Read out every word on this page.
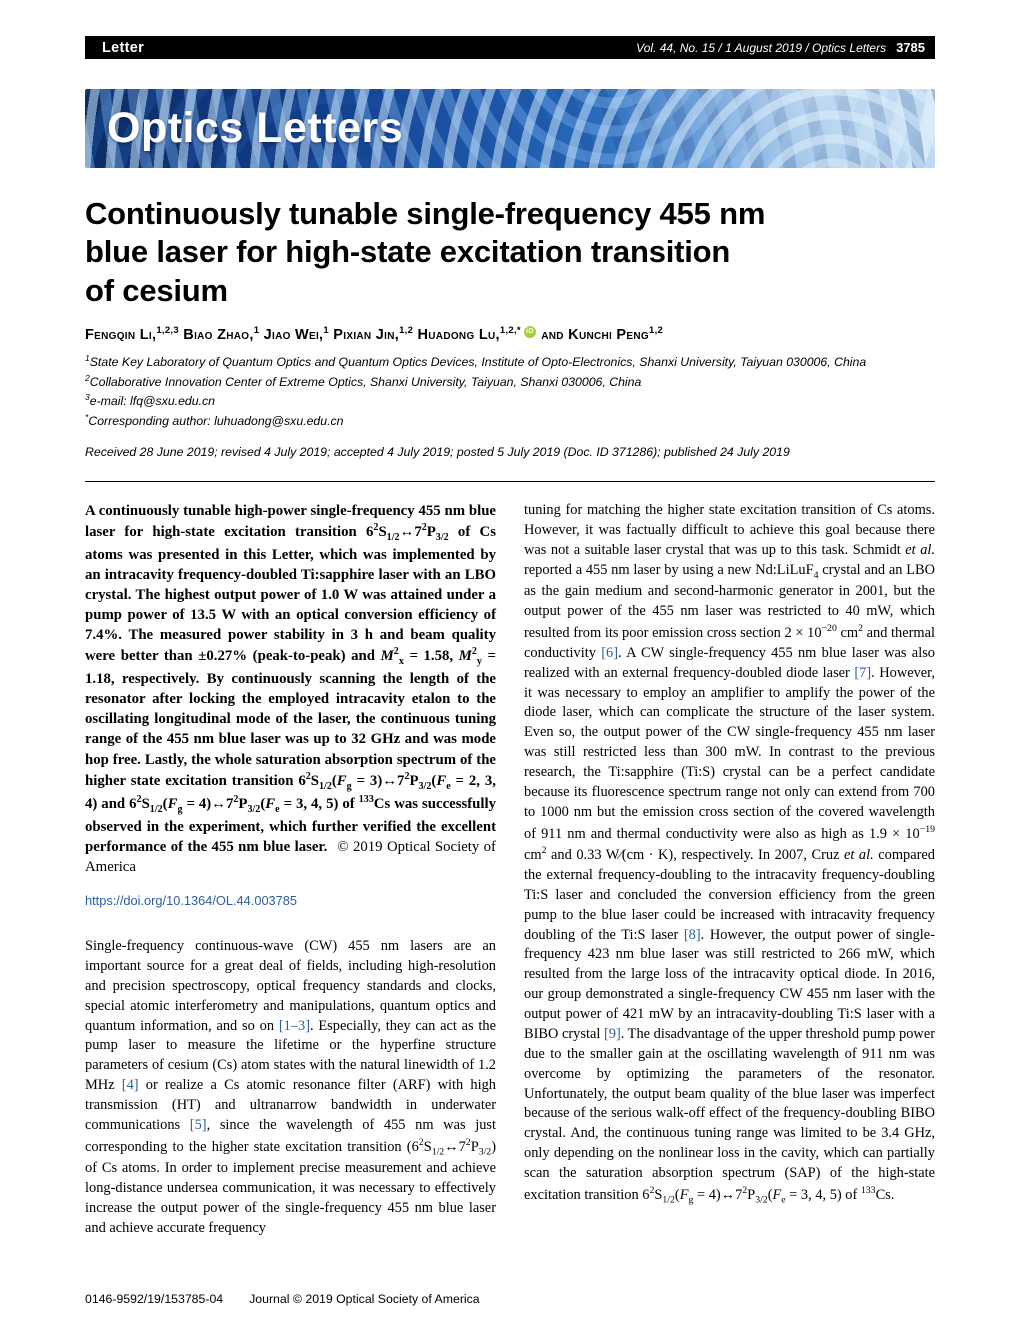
Letter	Vol. 44, No. 15 / 1 August 2019 / Optics Letters 3785
Optics Letters
Continuously tunable single-frequency 455 nm
blue laser for high-state excitation transition
of cesium
Fengqin Li,$^{1,2,3}$ Biao Zhao,$^1$ Jiao Wei,$^1$ Pixian Jin,$^{1,2}$ Huadong Lu,$^{1,2,*}$ iD and Kunchi Peng$^{1,2}$

$^1$State Key Laboratory of Quantum Optics and Quantum Optics Devices, Institute of Opto-Electronics, Shanxi University, Taiyuan 030006, China

$^2$Collaborative Innovation Center of Extreme Optics, Shanxi University, Taiyuan, Shanxi 030006, China

$^3$e-mail: lfq@sxu.edu.cn

*Corresponding author: luhuadong@sxu.edu.cn

Received 28 June 2019; revised 4 July 2019; accepted 4 July 2019; posted 5 July 2019 (Doc. ID 371286); published 24 July 2019

A continuously tunable high-power single-frequency 455 nm blue laser for high-state excitation transition $6^2S_{1/2}\leftrightarrow 7^2P_{3/2}$ of Cs atoms was presented in this Letter, which was implemented by an intracavity frequency-doubled Ti:sapphire laser with an LBO crystal. The highest output power of 1.0 W was attained under a pump power of 13.5 W with an optical conversion efficiency of 7.4%. The measured power stability in 3 h and beam quality were better than ±0.27% (peak-to-peak) and $M^2_x = 1.58$, $M^2_y = 1.18$, respectively. By continuously scanning the length of the resonator after locking the employed intracavity etalon to the oscillating longitudinal mode of the laser, the continuous tuning range of the 455 nm blue laser was up to 32 GHz and was mode hop free. Lastly, the whole saturation absorption spectrum of the higher state excitation transition $6^2S_{1/2}(F_g$ = $3)\leftrightarrow 7^2P_{3/2}(F_e = 2$, 3, 4) and $6^2S_{1/2}(F_g$ = $4)\leftrightarrow 7^2P_{3/2}(F_e = 3$, 4, 5) of $^{133}$Cs was successfully observed in the experiment, which further verified the excellent performance of the 455 nm blue laser. © 2019 Optical Society of America

https://doi.org/10.1364/OL.44.003785

Single-frequency continuous-wave (CW) 455 nm lasers are an important source for a great deal of fields, including high-resolution and precision spectroscopy, optical frequency standards and clocks, special atomic interferometry and manipulations, quantum optics and quantum information, and so on [1–3]. Especially, they can act as the pump laser to measure the lifetime or the hyperfine structure parameters of cesium (Cs) atom states with the natural linewidth of 1.2 MHz [4] or realize a Cs atomic resonance filter (ARF) with high transmission (HT) and ultranarrow bandwidth in underwater communications [5], since the wavelength of 455 nm was just corresponding to the higher state excitation transition $(6^2S_{1/2}\leftrightarrow 7^2P_{3/2})$ of Cs atoms. In order to implement precise measurement and achieve long-distance undersea communication, it was necessary to effectively increase the output power of the single-frequency 455 nm blue laser and achieve accurate frequency

tuning for matching the higher state excitation transition of Cs atoms. However, it was factually difficult to achieve this goal because there was not a suitable laser crystal that was up to this task. Schmidt et al. reported a 455 nm laser by using a new Nd:LiLuF$_4$ crystal and an LBO as the gain medium and second-harmonic generator in 2001, but the output power of the 455 nm laser was restricted to 40 mW, which resulted from its poor emission cross section $2 \times 10^{-20}$ $cm^2$ and thermal conductivity [6]. A CW single-frequency 455 nm blue laser was also realized with an external frequency-doubled diode laser [7]. However, it was necessary to employ an amplifier to amplify the power of the diode laser, which can complicate the structure of the laser system. Even so, the output power of the CW single-frequency 455 nm laser was still restricted less than 300 mW. In contrast to the previous research, the Ti:sapphire (Ti:S) crystal can be a perfect candidate because its fluorescence spectrum range not only can extend from 700 to 1000 nm but the emission cross section of the covered wavelength of 911 nm and thermal conductivity were also as high as $1.9 \times 10^{-19}$ $cm^2$ and 0.33 W∕(cm · K), respectively. In 2007, Cruz et al. compared the external frequency-doubling to the intracavity frequency-doubling Ti:S laser and concluded the conversion efficiency from the green pump to the blue laser could be increased with intracavity frequency doubling of the Ti:S laser [8]. However, the output power of single-frequency 423 nm blue laser was still restricted to 266 mW, which resulted from the large loss of the intracavity optical diode. In 2016, our group demonstrated a single-frequency CW 455 nm laser with the output power of 421 mW by an intracavity-doubling Ti:S laser with a BIBO crystal [9]. The disadvantage of the upper threshold pump power due to the smaller gain at the oscillating wavelength of 911 nm was overcome by optimizing the parameters of the resonator. Unfortunately, the output beam quality of the blue laser was imperfect because of the serious walk-off effect of the frequency-doubling BIBO crystal. And, the continuous tuning range was limited to be 3.4 GHz, only depending on the nonlinear loss in the cavity, which can partially scan the saturation absorption spectrum (SAP) of the high-state excitation transition $6^2S_{1/2}(F_g$ = $4)\leftrightarrow 7^2P_{3/2}(F_e = 3$, 4, 5) of $^{133}$Cs.

0146-9592/19/153785-04 Journal © 2019 Optical Society of America
